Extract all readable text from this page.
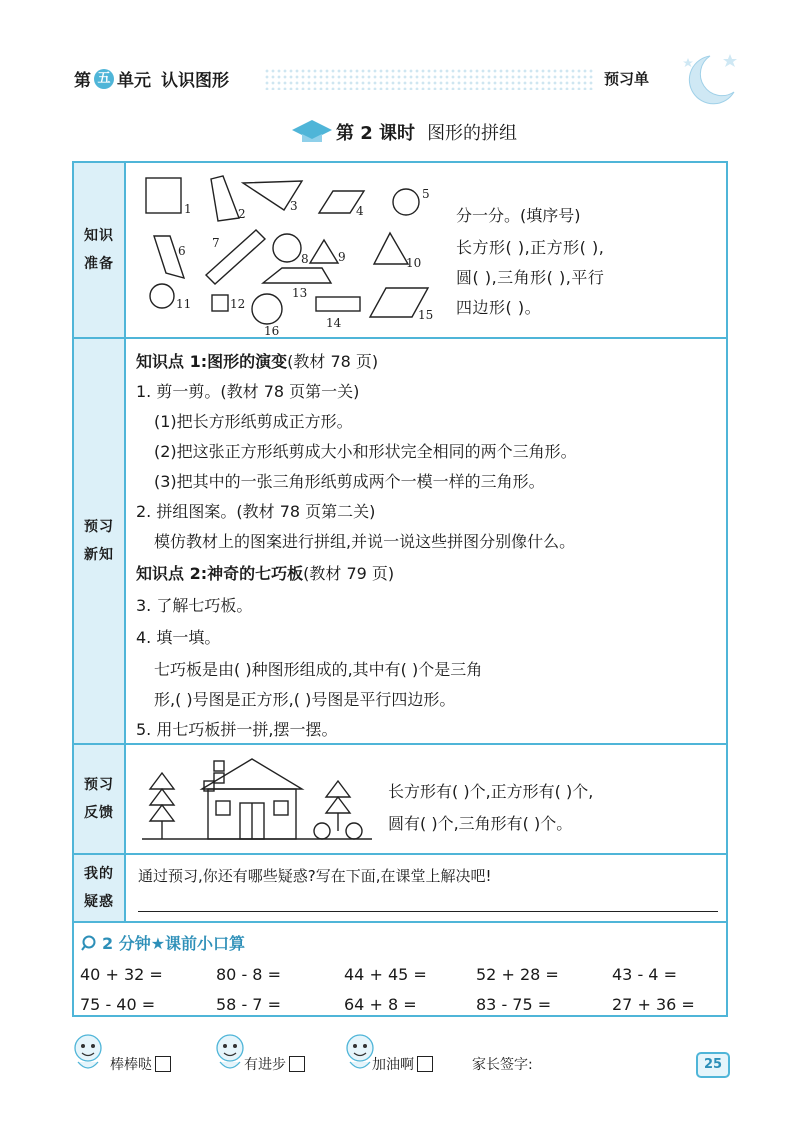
第 五 单元 认识图形	预习单
第 2 课时 图形的拼组
知识
准备
1	2
3	4
5
6
7
8 9	10
11	12
13
14
15
16
分一分。(填序号)
长方形( ),正方形( ),
圆( ),三角形( ),平行
四边形( )。
预习
新知
知识点 1:图形的演变(教材 78 页)
1. 剪一剪。(教材 78 页第一关)
(1)把长方形纸剪成正方形。
(2)把这张正方形纸剪成大小和形状完全相同的两个三角形。
(3)把其中的一张三角形纸剪成两个一模一样的三角形。
2. 拼组图案。(教材 78 页第二关)
模仿教材上的图案进行拼组,并说一说这些拼图分别像什么。
知识点 2:神奇的七巧板(教材 79 页)
3. 了解七巧板。
4. 填一填。
七巧板是由( )种图形组成的,其中有( )个是三角
形,( )号图是正方形,( )号图是平行四边形。
5. 用七巧板拼一拼,摆一摆。
预习
反馈
长方形有( )个,正方形有( )个,
圆有( )个,三角形有( )个。
我的
疑惑
通过预习,你还有哪些疑惑?写在下面,在课堂上解决吧!
2 分钟★课前小口算
40 + 32 =	80 - 8 =	44 + 45 =	52 + 28 =	43 - 4 =
75 - 40 =	58 - 7 =	64 + 8 =	83 - 75 =	27 + 36 =
棒棒哒	有进步	加油啊	家长签字:	25
